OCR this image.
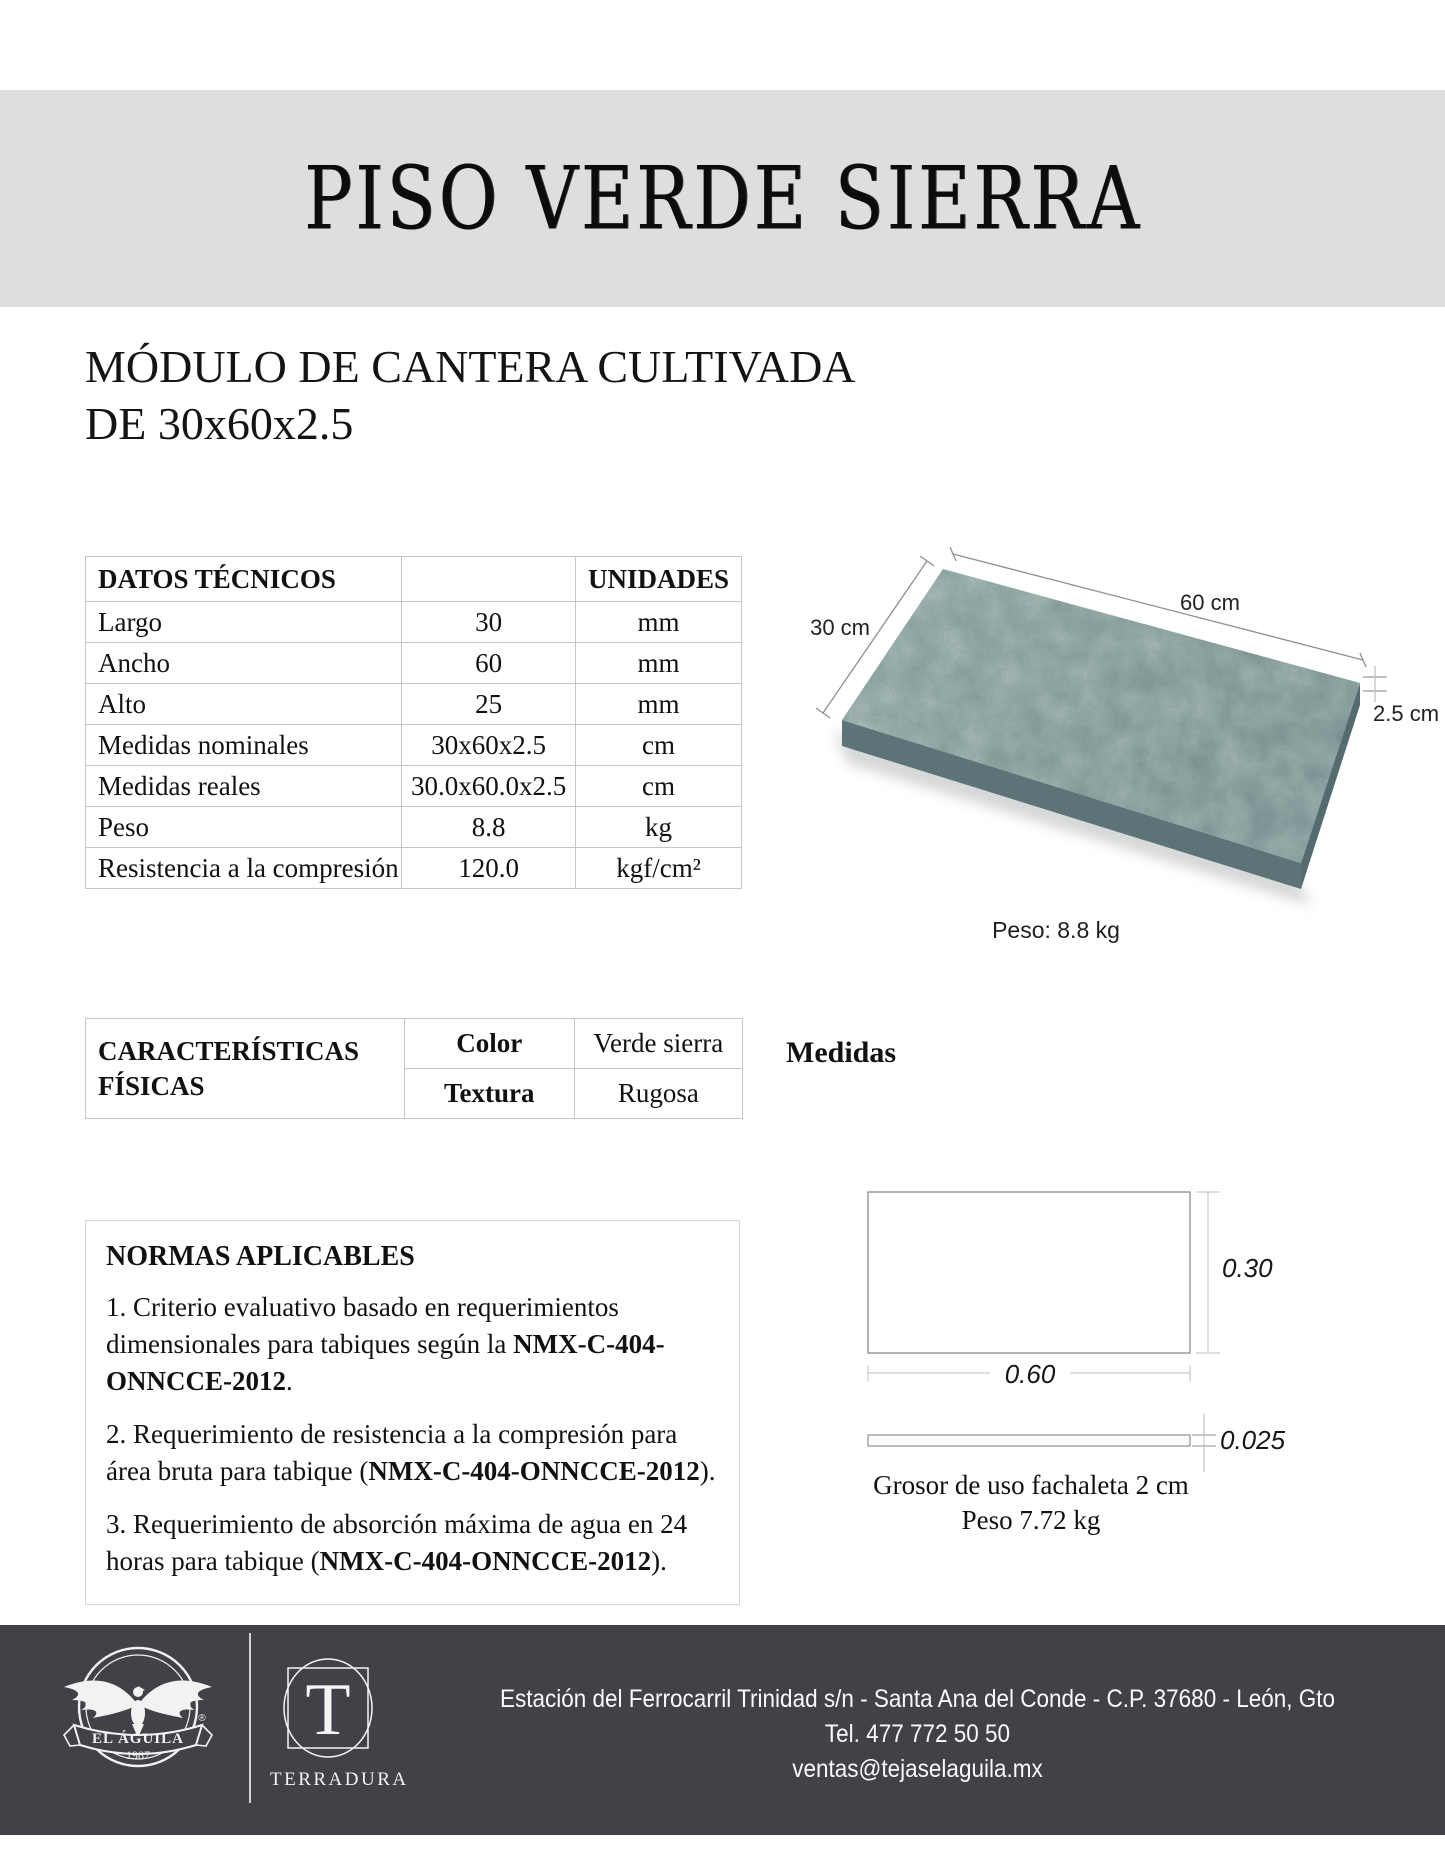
PISO VERDE SIERRA
MÓDULO DE CANTERA CULTIVADA
DE 30x60x2.5
DATOS TÉCNICOS		UNIDADES
Largo	30	mm
Ancho	60	mm
Alto	25	mm
Medidas nominales	30x60x2.5	cm
Medidas reales	30.0x60.0x2.5	cm
Peso	8.8	kg
Resistencia a la compresión	120.0	kgf/cm²
30 cm
60 cm
2.5 cm
Peso: 8.8 kg
CARACTERÍSTICAS FÍSICAS	Color	Verde sierra
	Textura	Rugosa
Medidas
NORMAS APLICABLES

1. Criterio evaluativo basado en requerimientos dimensionales para tabiques según la NMX-C-404-ONNCCE-2012.

2. Requerimiento de resistencia a la compresión para área bruta para tabique (NMX-C-404-ONNCCE-2012).

3. Requerimiento de absorción máxima de agua en 24 horas para tabique (NMX-C-404-ONNCCE-2012).

0.30
0.60
0.025
Grosor de uso fachaleta 2 cm
Peso 7.72 kg
EL ÁGUILA
1987
® T
TERRADURA
Estación del Ferrocarril Trinidad s/n - Santa Ana del Conde - C.P. 37680 - León, Gto
Tel. 477 772 50 50
ventas@tejaselaguila.mx
